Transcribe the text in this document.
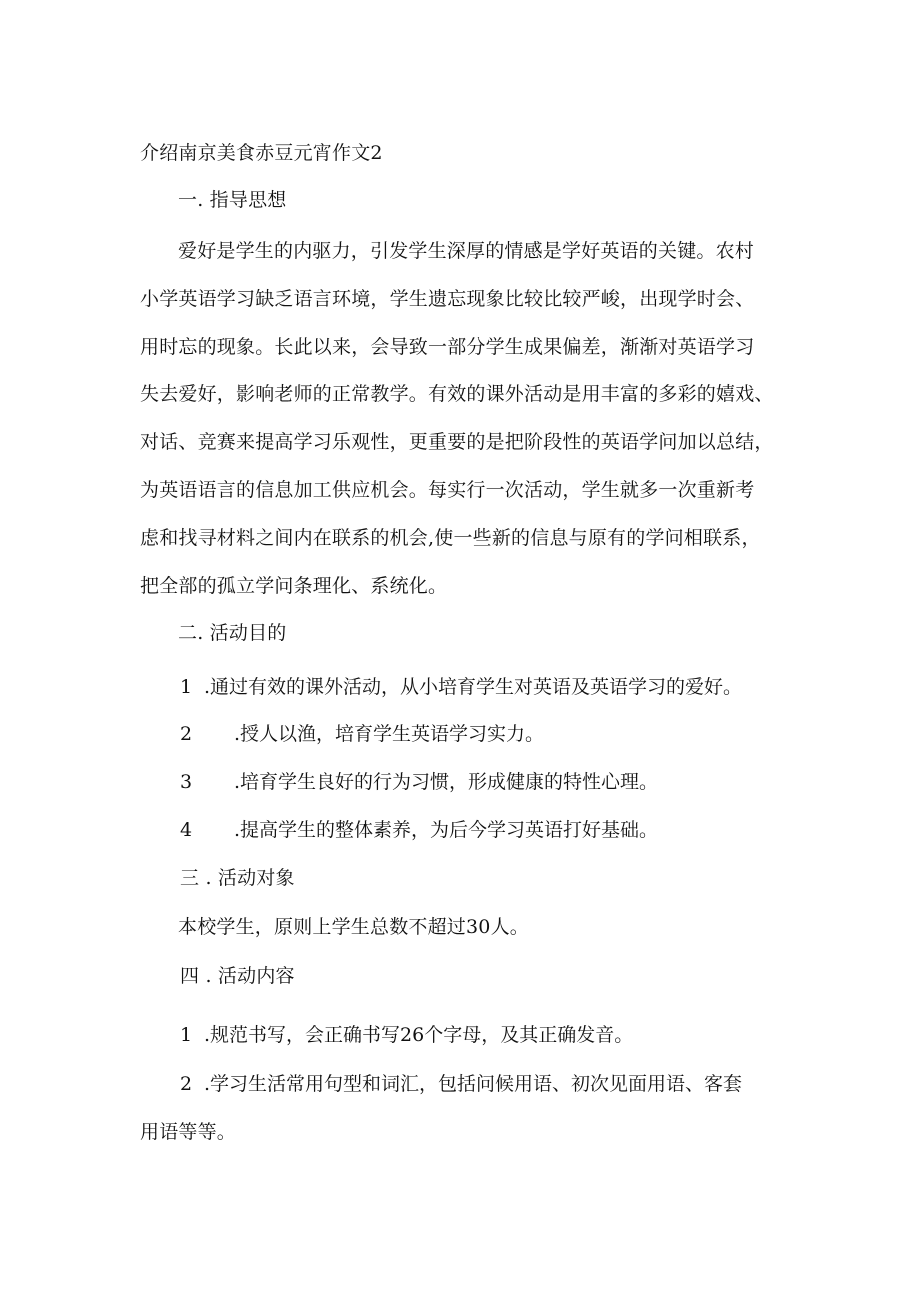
介绍南京美食赤豆元宵作文2
一. 指导思想
爱好是学生的内驱力，引发学生深厚的情感是学好英语的关键。农村
小学英语学习缺乏语言环境，学生遗忘现象比较比较严峻，出现学时会、
用时忘的现象。长此以来，会导致一部分学生成果偏差，渐渐对英语学习
失去爱好，影响老师的正常教学。有效的课外活动是用丰富的多彩的嬉戏、
对话、竞赛来提高学习乐观性，更重要的是把阶段性的英语学问加以总结，
为英语语言的信息加工供应机会。每实行一次活动，学生就多一次重新考
虑和找寻材料之间内在联系的机会,使一些新的信息与原有的学问相联系，
把全部的孤立学问条理化、系统化。
二. 活动目的
1 .通过有效的课外活动，从小培育学生对英语及英语学习的爱好。
2 .授人以渔，培育学生英语学习实力。
3 .培育学生良好的行为习惯，形成健康的特性心理。
4 .提高学生的整体素养，为后今学习英语打好基础。
三 . 活动对象
本校学生，原则上学生总数不超过30人。
四 . 活动内容
1 .规范书写，会正确书写26个字母，及其正确发音。
2 .学习生活常用句型和词汇，包括问候用语、初次见面用语、客套
用语等等。
